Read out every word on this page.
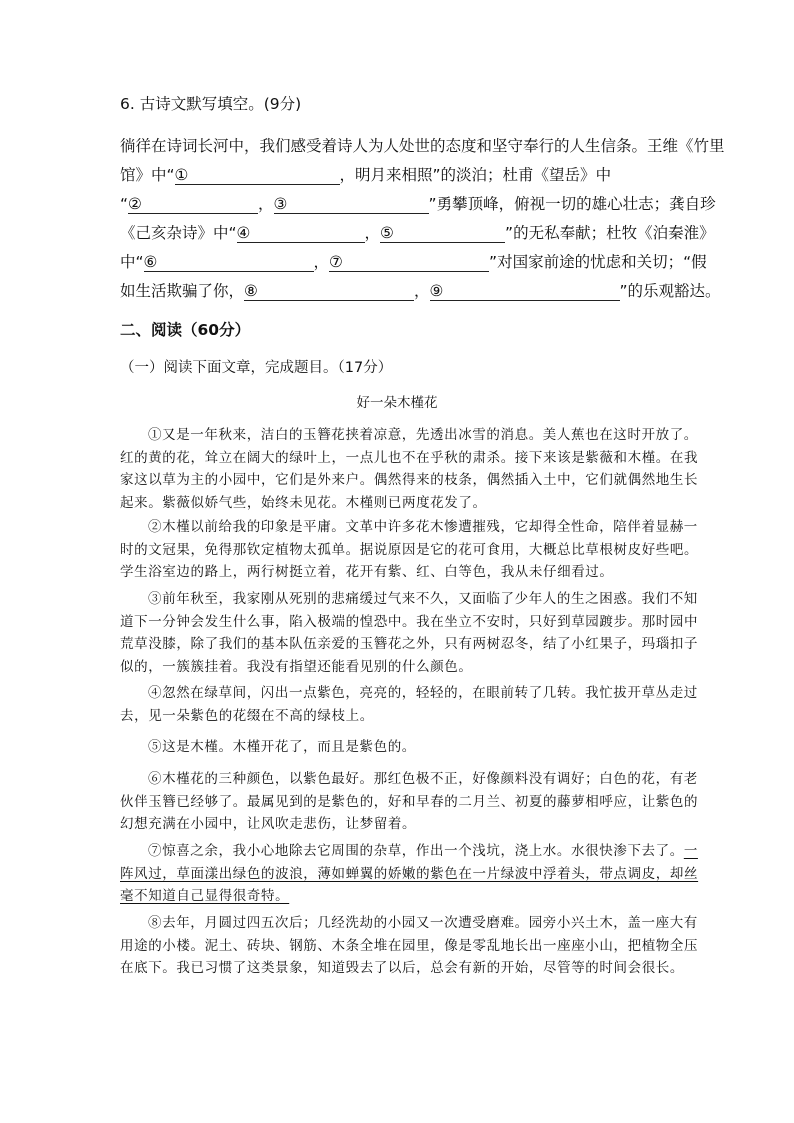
6. 古诗文默写填空。(9分)
徜徉在诗词长河中，我们感受着诗人为人处世的态度和坚守奉行的人生信条。王维《竹里
馆》中“①	，明月来相照”的淡泊；杜甫《望岳》中
“②	，③	”勇攀顶峰，俯视一切的雄心壮志；龚自珍
《己亥杂诗》中“④	，⑤	”的无私奉献；杜牧《泊秦淮》
中“⑥	，⑦	”对国家前途的忧虑和关切；“假
如生活欺骗了你，⑧	，⑨	”的乐观豁达。
二、阅读（60分）
（一）阅读下面文章，完成题目。（17分）
好一朵木槿花

①又是一年秋来，洁白的玉簪花挟着凉意，先透出冰雪的消息。美人蕉也在这时开放了。

红的黄的花，耸立在阔大的绿叶上，一点儿也不在乎秋的肃杀。接下来该是紫薇和木槿。在我

家这以草为主的小园中，它们是外来户。偶然得来的枝条，偶然插入土中，它们就偶然地生长

起来。紫薇似娇气些，始终未见花。木槿则已两度花发了。

②木槿以前给我的印象是平庸。文革中许多花木惨遭摧残，它却得全性命，陪伴着显赫一

时的文冠果，免得那钦定植物太孤单。据说原因是它的花可食用，大概总比草根树皮好些吧。

学生浴室边的路上，两行树挺立着，花开有紫、红、白等色，我从未仔细看过。

③前年秋至，我家刚从死别的悲痛缓过气来不久，又面临了少年人的生之困惑。我们不知

道下一分钟会发生什么事，陷入极端的惶恐中。我在坐立不安时，只好到草园踱步。那时园中

荒草没膝，除了我们的基本队伍亲爱的玉簪花之外，只有两树忍冬，结了小红果子，玛瑙扣子

似的，一簇簇挂着。我没有指望还能看见别的什么颜色。

④忽然在绿草间，闪出一点紫色，亮亮的，轻轻的，在眼前转了几转。我忙拔开草丛走过

去，见一朵紫色的花缀在不高的绿枝上。

⑤这是木槿。木槿开花了，而且是紫色的。

⑥木槿花的三种颜色，以紫色最好。那红色极不正，好像颜料没有调好；白色的花，有老

伙伴玉簪已经够了。最属见到的是紫色的，好和早春的二月兰、初夏的藤萝相呼应，让紫色的

幻想充满在小园中，让风吹走悲伤，让梦留着。

⑦惊喜之余，我小心地除去它周围的杂草，作出一个浅坑，浇上水。水很快渗下去了。一

阵风过，草面漾出绿色的波浪，薄如蝉翼的娇嫩的紫色在一片绿波中浮着头，带点调皮，却丝

毫不知道自己显得很奇特。

⑧去年，月圆过四五次后；几经洗劫的小园又一次遭受磨难。园旁小兴土木，盖一座大有

用途的小楼。泥土、砖块、钢筋、木条全堆在园里，像是零乱地长出一座座小山，把植物全压

在底下。我已习惯了这类景象，知道毁去了以后，总会有新的开始，尽管等的时间会很长。
